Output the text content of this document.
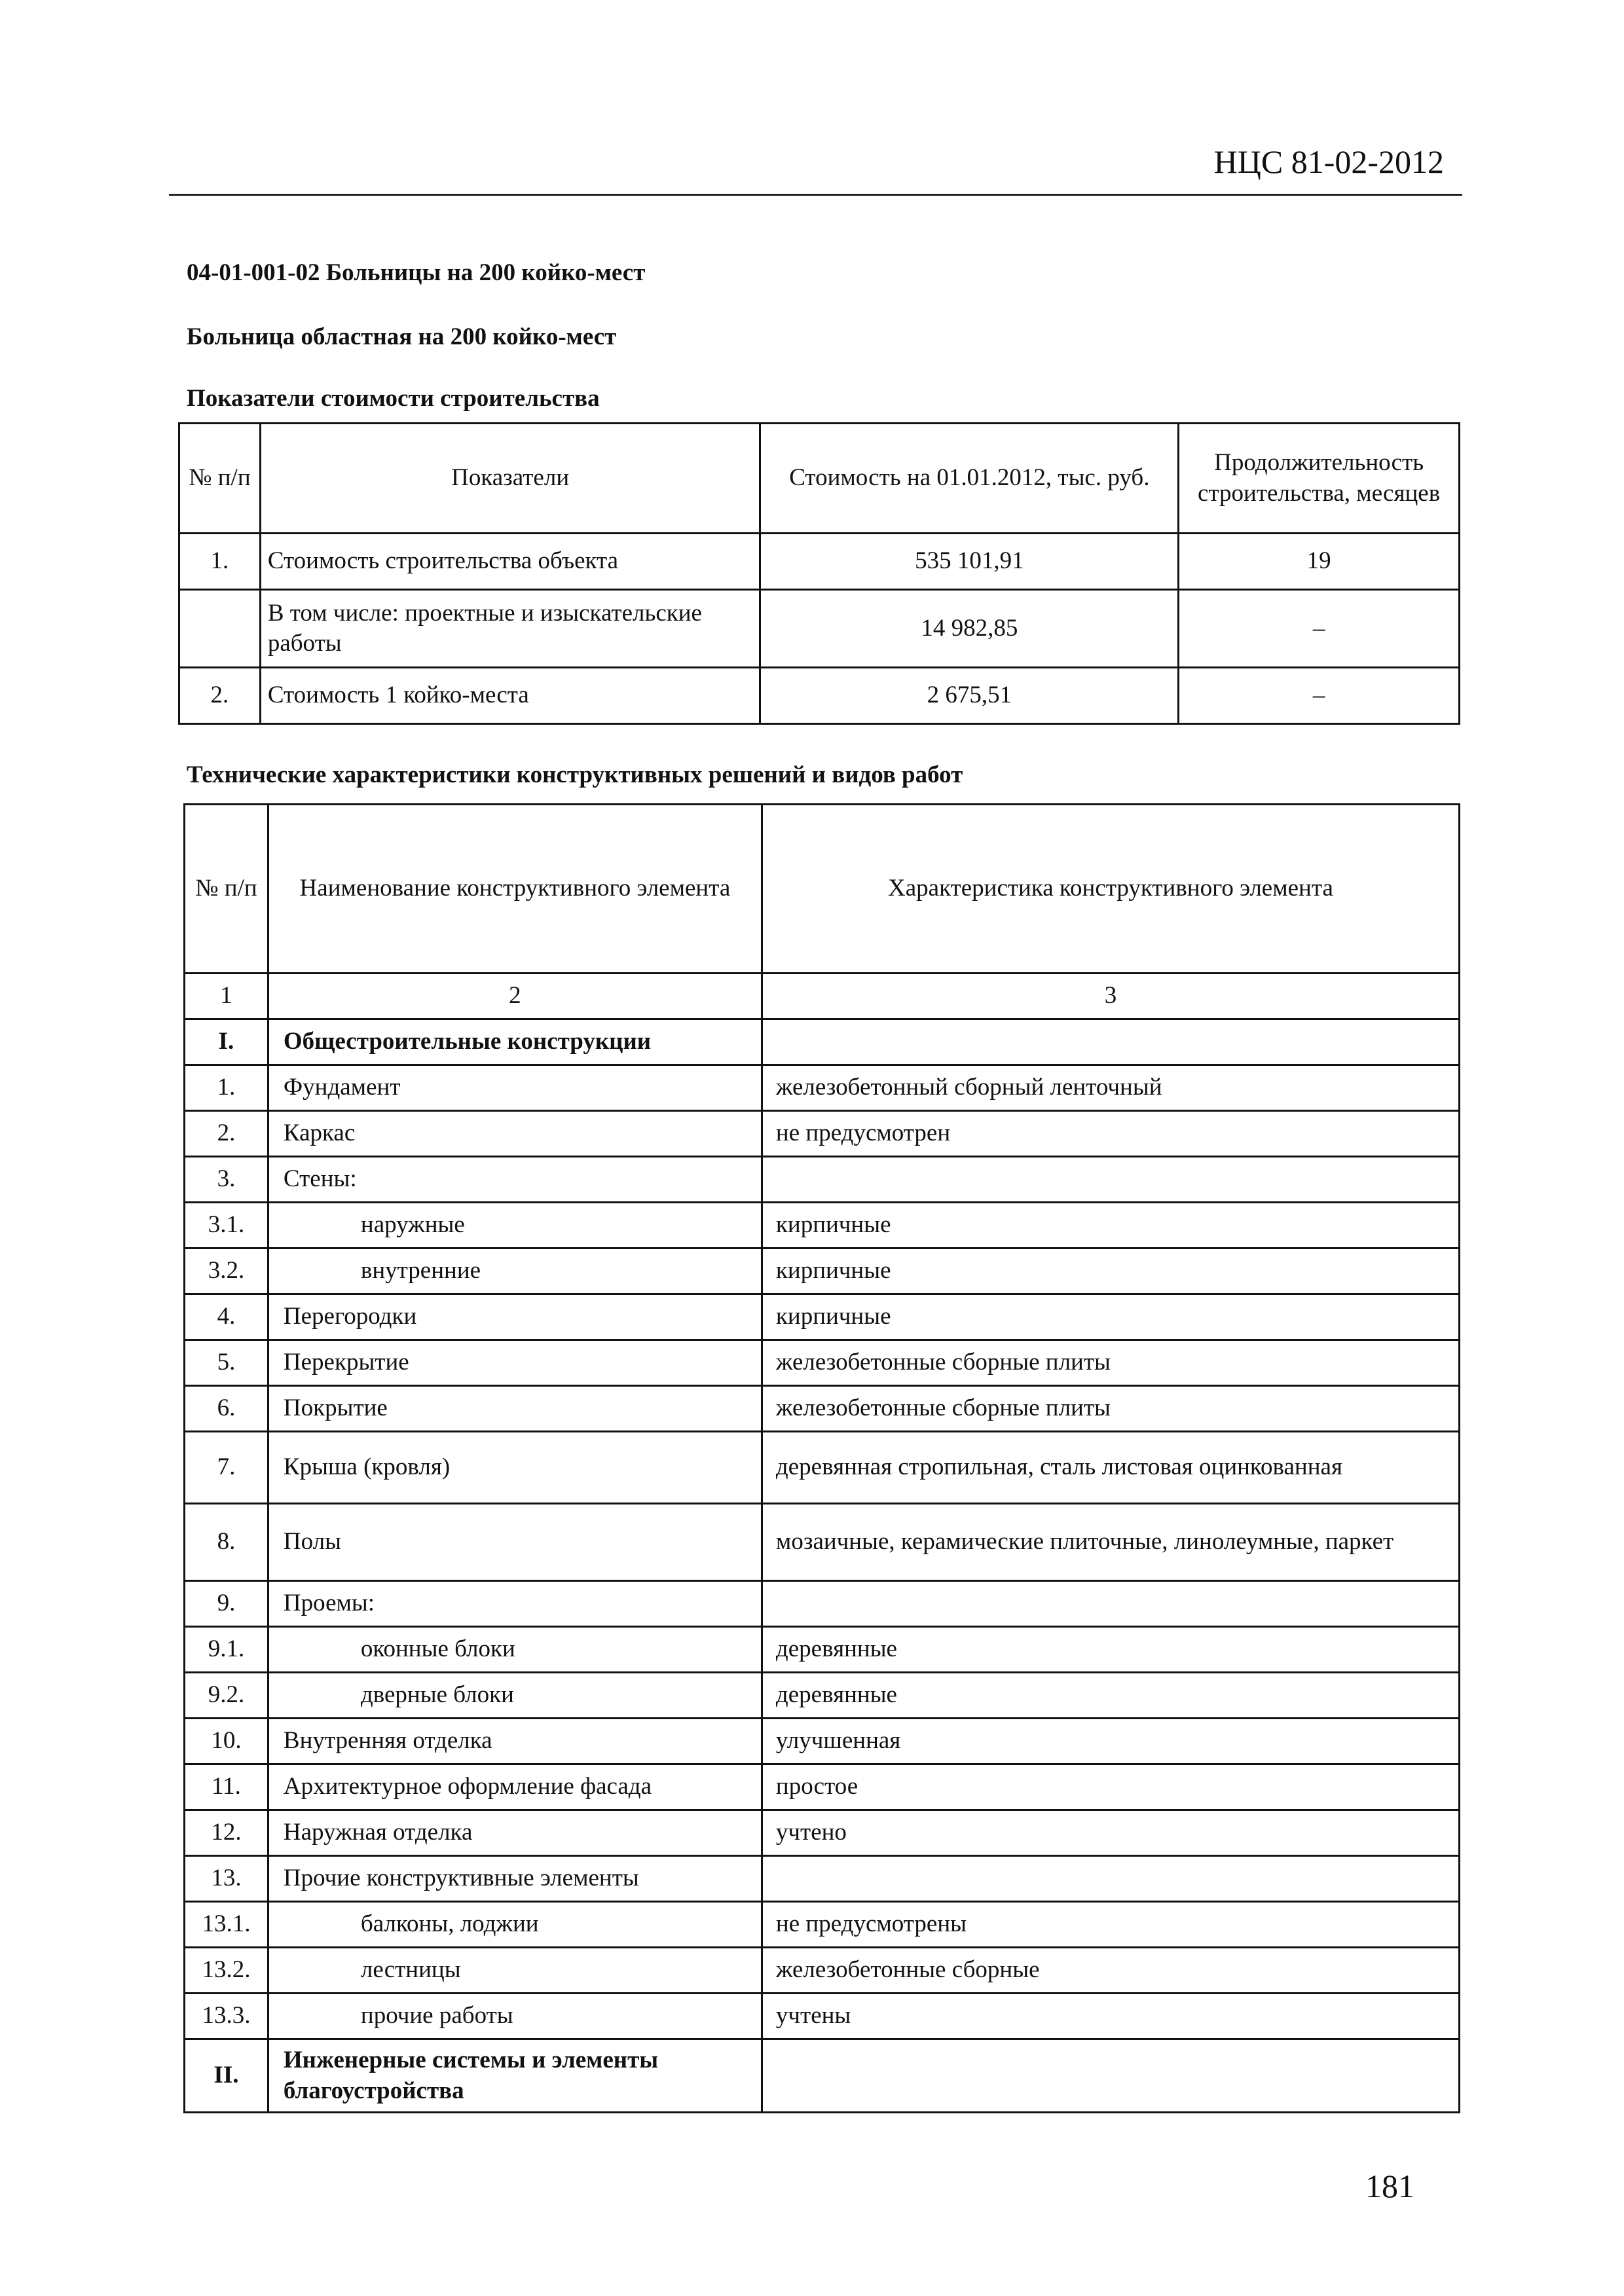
НЦС 81-02-2012
04-01-001-02 Больницы на 200 койко-мест
Больница областная на 200 койко-мест
Показатели стоимости строительства
№ п/п	Показатели	Стоимость на 01.01.2012, тыс. руб.	Продолжительность строительства, месяцев
1.	Стоимость строительства объекта	535 101,91	19
	В том числе: проектные и изыскательские работы	14 982,85	–
2.	Стоимость 1 койко-места	2 675,51	–
Технические характеристики конструктивных решений и видов работ
№ п/п	Наименование конструктивного элемента	Характеристика конструктивного элемента
1	2	3
I.	Общестроительные конструкции	
1.	Фундамент	железобетонный сборный ленточный
2.	Каркас	не предусмотрен
3.	Стены:	
3.1.	наружные	кирпичные
3.2.	внутренние	кирпичные
4.	Перегородки	кирпичные
5.	Перекрытие	железобетонные сборные плиты
6.	Покрытие	железобетонные сборные плиты
7.	Крыша (кровля)	деревянная стропильная, сталь листовая оцинкованная
8.	Полы	мозаичные, керамические плиточные, линолеумные, паркет
9.	Проемы:	
9.1.	оконные блоки	деревянные
9.2.	дверные блоки	деревянные
10.	Внутренняя отделка	улучшенная
11.	Архитектурное оформление фасада	простое
12.	Наружная отделка	учтено
13.	Прочие конструктивные элементы	
13.1.	балконы, лоджии	не предусмотрены
13.2.	лестницы	железобетонные сборные
13.3.	прочие работы	учтены
II.	Инженерные системы и элементы благоустройства	
181
